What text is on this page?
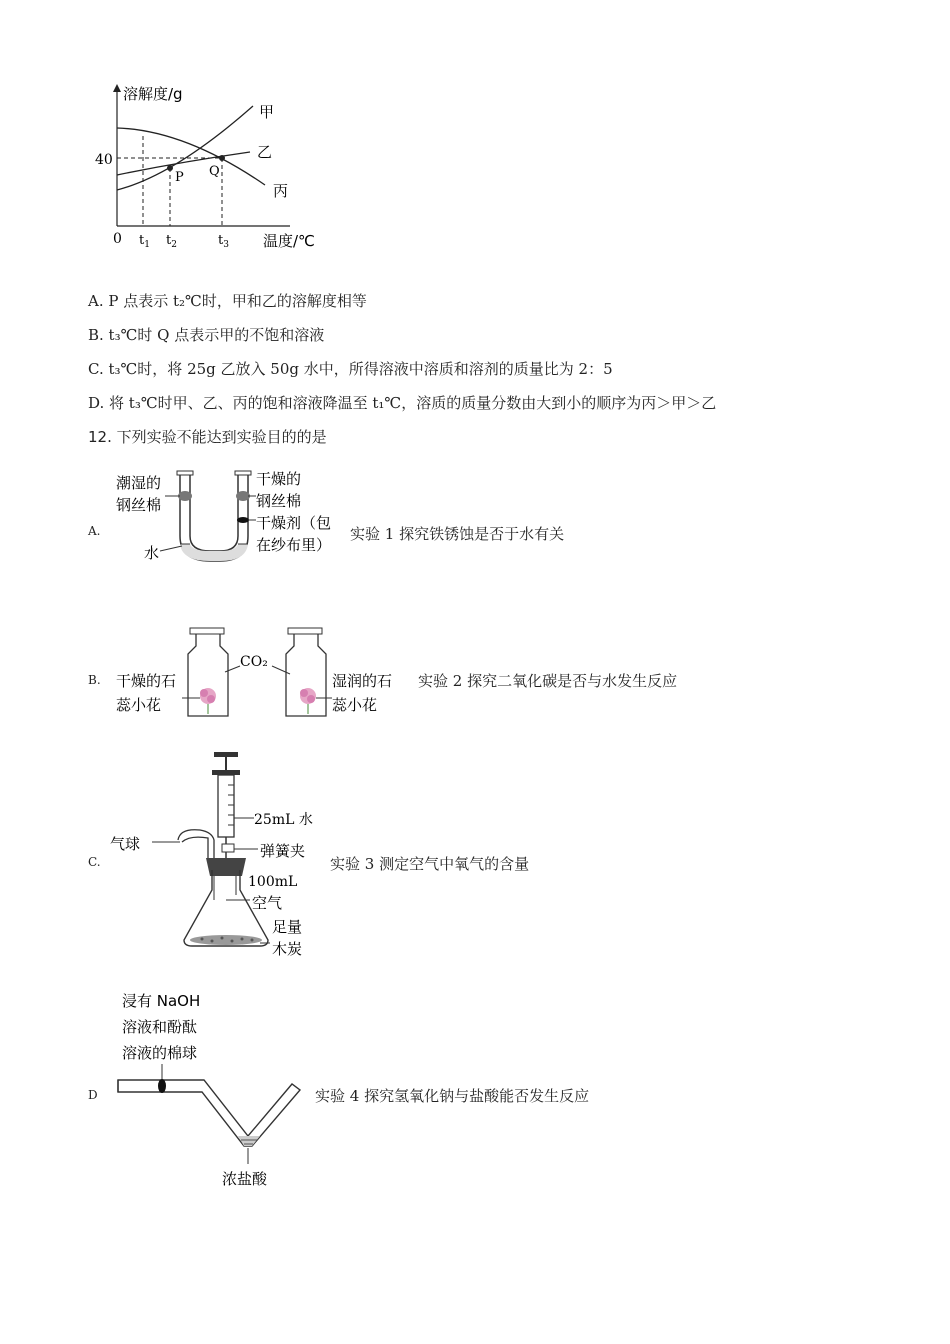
溶解度/g
温度/℃
40
0 $t_1$ $t_2$	$t_3$
甲
乙
丙
P Q
A. P 点表示 t₂℃时，甲和乙的溶解度相等
B. t₃℃时 Q 点表示甲的不饱和溶液
C. t₃℃时，将 25g 乙放入 50g 水中，所得溶液中溶质和溶剂的质量比为 2：5
D. 将 t₃℃时甲、乙、丙的饱和溶液降温至 t₁℃，溶质的质量分数由大到小的顺序为丙＞甲＞乙
12. 下列实验不能达到实验目的的是
A.
潮湿的
钢丝棉
干燥的
钢丝棉
干燥剂（包
在纱布里）
水
实验 1 探究铁锈蚀是否于水有关
B.
CO₂
干燥的石
蕊小花
湿润的石
蕊小花
实验 2 探究二氧化碳是否与水发生反应
C.
25mL 水
气球	弹簧夹
100mL
空气
足量
木炭
实验 3 测定空气中氧气的含量
D
浸有 NaOH
溶液和酚酞
溶液的棉球
浓盐酸
实验 4 探究氢氧化钠与盐酸能否发生反应
